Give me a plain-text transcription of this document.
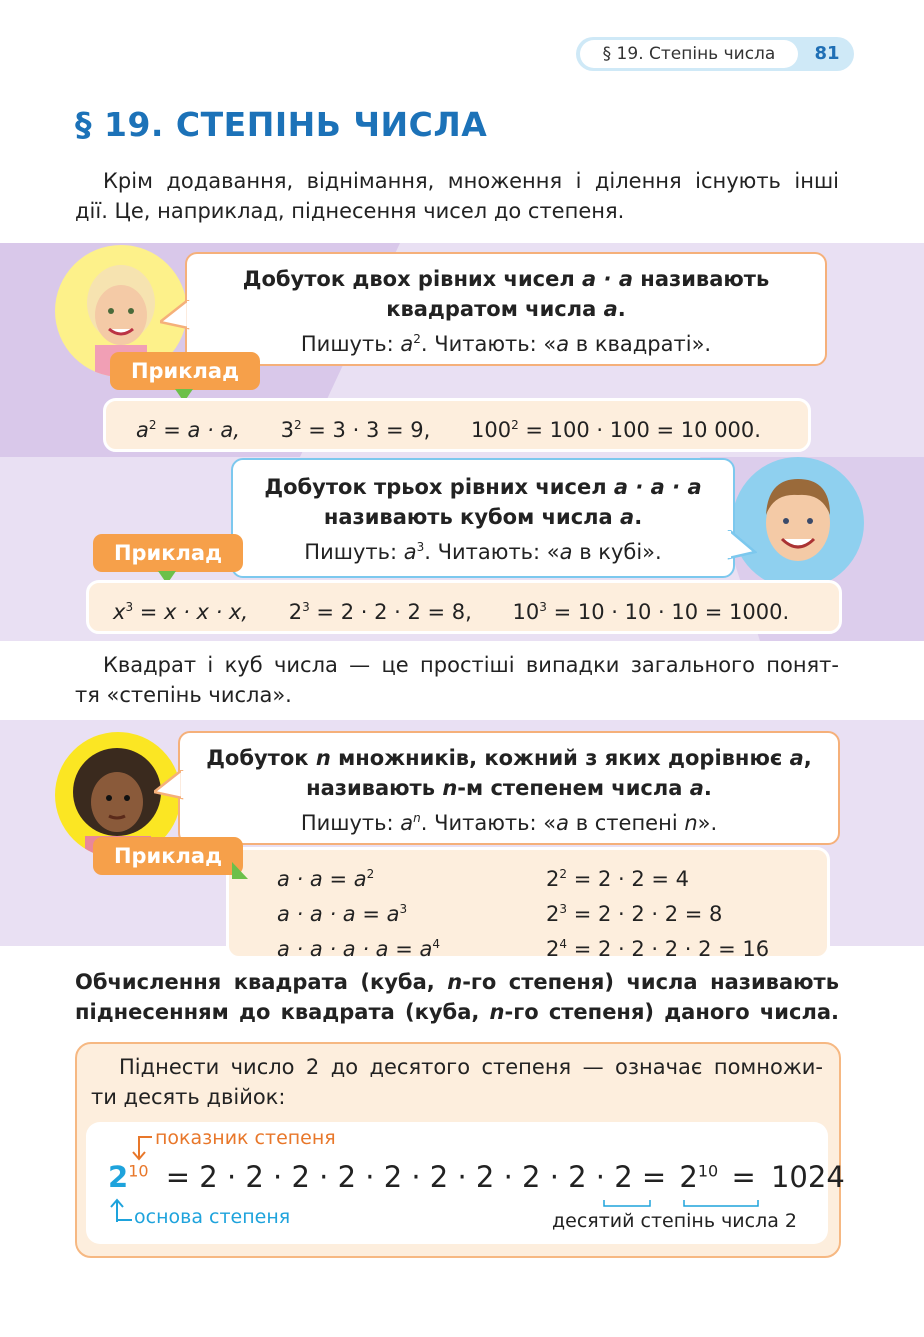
§ 19. Степінь числа	81
§ 19. СТЕПІНЬ ЧИСЛА
Крім додавання, віднімання, множення і ділення існують інші
дії. Це, наприклад, піднесення чисел до степеня.
Добуток двох рівних чисел a · a називають
квадратом числа a.
Пишуть: $a^2$. Читають: «a в квадраті».
Приклад
$a^2 = a \cdot a$, $3^2 = 3 \cdot 3 = 9$, $100^2 = 100 \cdot 100 = 10$ 000.
Добуток трьох рівних чисел a · a · a
називають кубом числа a.
Пишуть: $a^3$. Читають: «a в кубі».
Приклад
$x^3 = x \cdot x \cdot x$, $2^3 = 2 \cdot 2 \cdot 2 = 8$, $10^3 = 10 \cdot 10 \cdot 10 = 1000$.
Квадрат і куб числа — це простіші випадки загального понят-
тя «степінь числа».
Добуток n множників, кожний з яких дорівнює a,
називають n-м степенем числа a.
Пишуть: $a^n$. Читають: «a в степені n».
$a \cdot a = a^2$
$a \cdot a \cdot a = a^3$
$a \cdot a \cdot a \cdot a = a^4$
$2^2 = 2 \cdot 2 = 4$
$2^3 = 2 \cdot 2 \cdot 2 = 8$
$2^4 = 2 \cdot 2 \cdot 2 \cdot 2 = 16$
Приклад
Обчислення квадрата (куба, n-го степеня) числа називають
піднесенням до квадрата (куба, n-го степеня) даного числа.
Піднести число 2 до десятого степеня — означає помножи-
ти десять двійок:
показник степеня
$2^{10} = 2 \cdot 2 \cdot 2 \cdot 2 \cdot 2 \cdot 2 \cdot 2 \cdot 2 \cdot 2 \cdot 2 = 2^{10} = 1024$
основа степеня	десятий степінь числа 2
